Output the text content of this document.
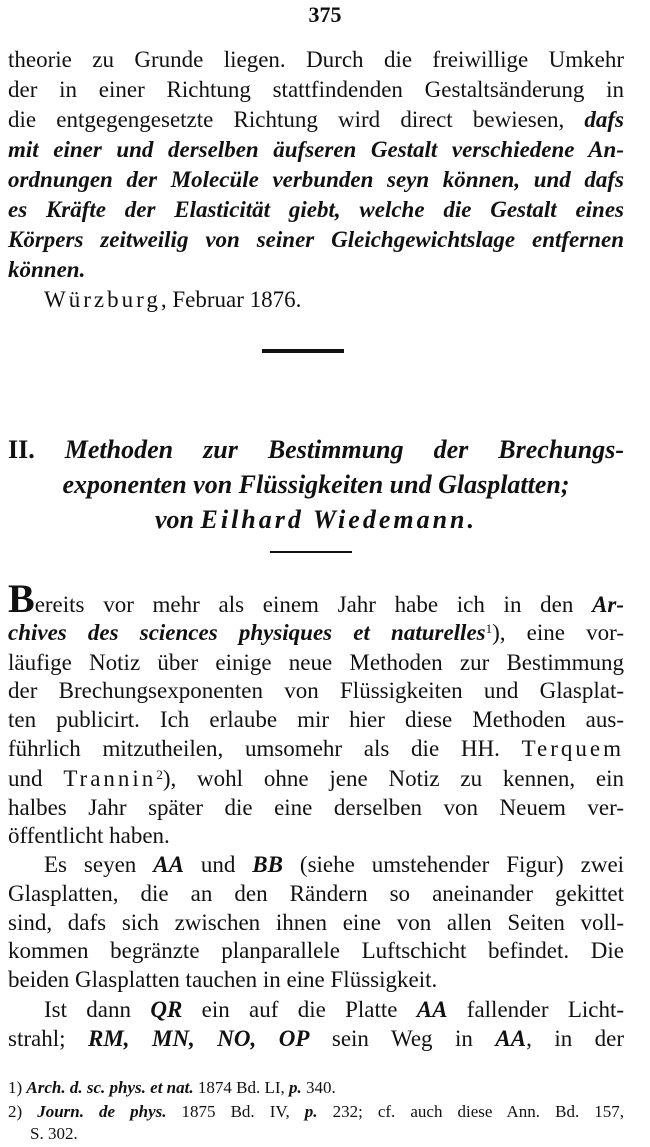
375
theorie zu Grunde liegen. Durch die freiwillige Umkehr
der in einer Richtung stattfindenden Gestaltsänderung in
die entgegengesetzte Richtung wird direct bewiesen, dafs
mit einer und derselben äufseren Gestalt verschiedene An-
ordnungen der Molecüle verbunden seyn können, und dafs
es Kräfte der Elasticität giebt, welche die Gestalt eines
Körpers zeitweilig von seiner Gleichgewichtslage entfernen
können.
Würzburg, Februar 1876.
II. Methoden zur Bestimmung der Brechungs-
exponenten von Flüssigkeiten und Glasplatten;
von Eilhard Wiedemann.
Bereits vor mehr als einem Jahr habe ich in den Ar-
chives des sciences physiques et naturelles$^1$), eine vor-
läufige Notiz über einige neue Methoden zur Bestimmung
der Brechungsexponenten von Flüssigkeiten und Glasplat-
ten publicirt. Ich erlaube mir hier diese Methoden aus-
führlich mitzutheilen, umsomehr als die HH. Terquem
und Trannin$^2$), wohl ohne jene Notiz zu kennen, ein
halbes Jahr später die eine derselben von Neuem ver-
öffentlicht haben.
Es seyen AA und BB (siehe umstehender Figur) zwei
Glasplatten, die an den Rändern so aneinander gekittet
sind, dafs sich zwischen ihnen eine von allen Seiten voll-
kommen begränzte planparallele Luftschicht befindet. Die
beiden Glasplatten tauchen in eine Flüssigkeit.
Ist dann QR ein auf die Platte AA fallender Licht-
strahl; RM, MN, NO, OP sein Weg in AA, in der
1) Arch. d. sc. phys. et nat. 1874 Bd. LI, p. 340.
2) Journ. de phys. 1875 Bd. IV, p. 232; cf. auch diese Ann. Bd. 157,
S. 302.
